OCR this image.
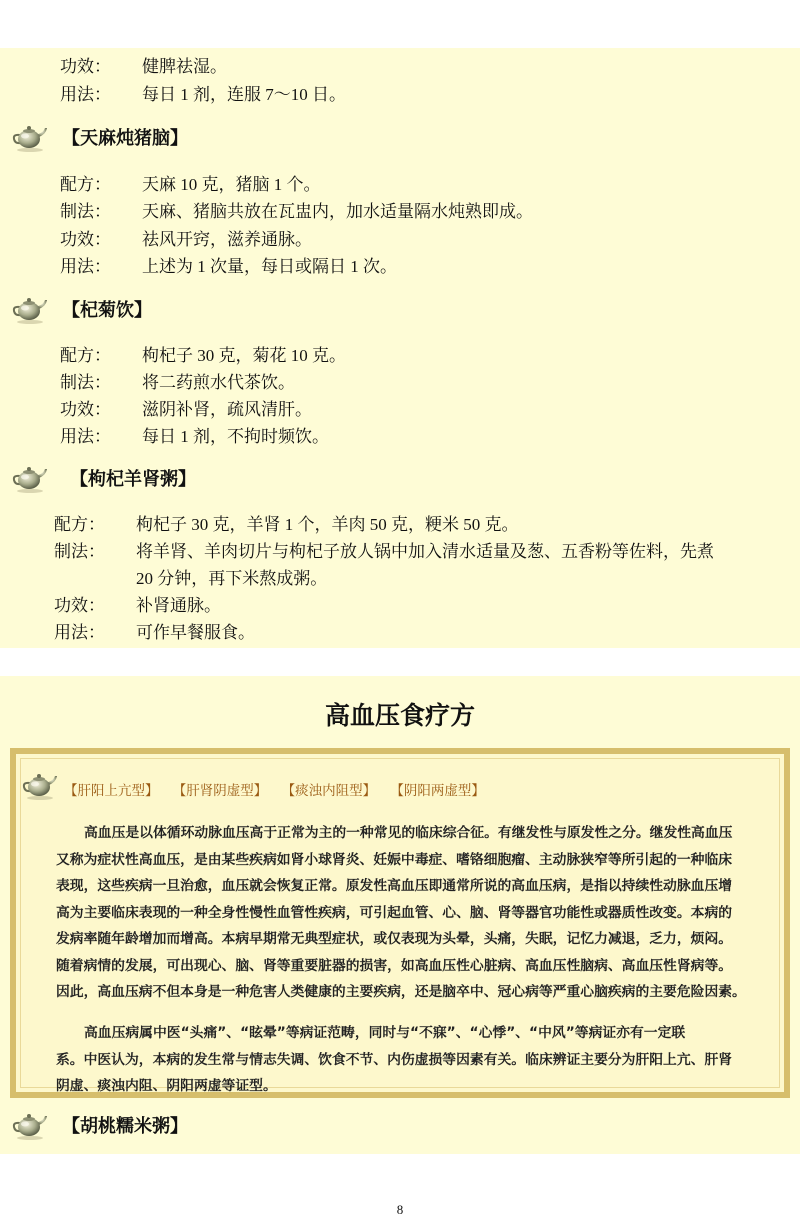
功效： 健脾祛湿。
用法： 每日 1 剂，连服 7～10 日。
【天麻炖猪脑】
配方： 天麻 10 克，猪脑 1 个。
制法： 天麻、猪脑共放在瓦盅内，加水适量隔水炖熟即成。
功效： 祛风开窍，滋养通脉。
用法： 上述为 1 次量，每日或隔日 1 次。
【杞菊饮】
配方： 枸杞子 30 克，菊花 10 克。
制法： 将二药煎水代茶饮。
功效： 滋阴补肾，疏风清肝。
用法： 每日 1 剂，不拘时频饮。
【枸杞羊肾粥】
配方： 枸杞子 30 克，羊肾 1 个，羊肉 50 克，粳米 50 克。
制法： 将羊肾、羊肉切片与枸杞子放人锅中加入清水适量及葱、五香粉等佐料，先煮
20 分钟，再下米熬成粥。
功效： 补肾通脉。
用法： 可作早餐服食。
高血压食疗方
【肝阳上亢型】 【肝肾阴虚型】 【痰浊内阻型】 【阴阳两虚型】
高血压是以体循环动脉血压高于正常为主的一种常见的临床综合征。有继发性与原发性之分。继发性高血压
又称为症状性高血压，是由某些疾病如肾小球肾炎、妊娠中毒症、嗜铬细胞瘤、主动脉狭窄等所引起的一种临床
表现，这些疾病一旦治愈，血压就会恢复正常。原发性高血压即通常所说的高血压病，是指以持续性动脉血压增
高为主要临床表现的一种全身性慢性血管性疾病，可引起血管、心、脑、肾等器官功能性或器质性改变。本病的
发病率随年龄增加而增高。本病早期常无典型症状，或仅表现为头晕，头痛，失眠，记忆力减退，乏力，烦闷。
随着病情的发展，可出现心、脑、肾等重要脏器的损害，如高血压性心脏病、高血压性脑病、高血压性肾病等。
因此，高血压病不但本身是一种危害人类健康的主要疾病，还是脑卒中、冠心病等严重心脑疾病的主要危险因素。
高血压病属中医“头痛”、“眩晕”等病证范畴，同时与“不寐”、“心悸”、“中风”等病证亦有一定联
系。中医认为，本病的发生常与情志失调、饮食不节、内伤虚损等因素有关。临床辨证主要分为肝阳上亢、肝肾
阴虚、痰浊内阻、阴阳两虚等证型。
【胡桃糯米粥】
8
